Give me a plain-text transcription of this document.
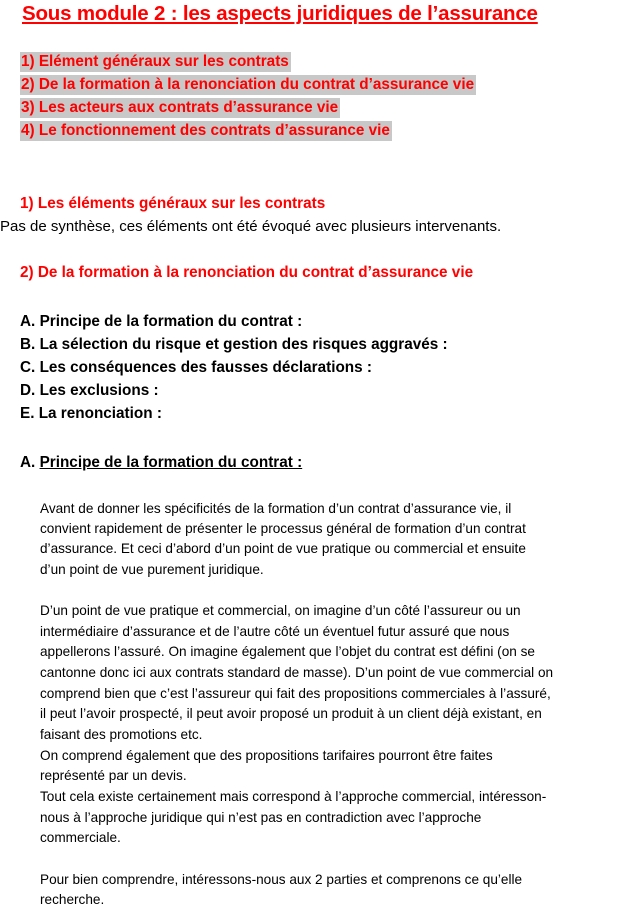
Sous module 2 : les aspects juridiques de l’assurance
1) Elément généraux sur les contrats
2) De la formation à la renonciation du contrat d’assurance vie
3) Les acteurs aux contrats d’assurance vie
4) Le fonctionnement des contrats d’assurance vie
1) Les éléments généraux sur les contrats
Pas de synthèse, ces éléments ont été évoqué avec plusieurs intervenants.
2) De la formation à la renonciation du contrat d’assurance vie
A. Principe de la formation du contrat :
B. La sélection du risque et gestion des risques aggravés :
C. Les conséquences des fausses déclarations :
D. Les exclusions :
E. La renonciation :
A. Principe de la formation du contrat :
Avant de donner les spécificités de la formation d’un contrat d’assurance vie, il
convient rapidement de présenter le processus général de formation d’un contrat
d’assurance. Et ceci d’abord d’un point de vue pratique ou commercial et ensuite
d’un point de vue purement juridique.
D’un point de vue pratique et commercial, on imagine d’un côté l’assureur ou un
intermédiaire d’assurance et de l’autre côté un éventuel futur assuré que nous
appellerons l’assuré. On imagine également que l’objet du contrat est défini (on se
cantonne donc ici aux contrats standard de masse). D’un point de vue commercial on
comprend bien que c’est l’assureur qui fait des propositions commerciales à l’assuré,
il peut l’avoir prospecté, il peut avoir proposé un produit à un client déjà existant, en
faisant des promotions etc.
On comprend également que des propositions tarifaires pourront être faites
représenté par un devis.
Tout cela existe certainement mais correspond à l’approche commercial, intéresson-
nous à l’approche juridique qui n’est pas en contradiction avec l’approche
commerciale.
Pour bien comprendre, intéressons-nous aux 2 parties et comprenons ce qu’elle
recherche.
